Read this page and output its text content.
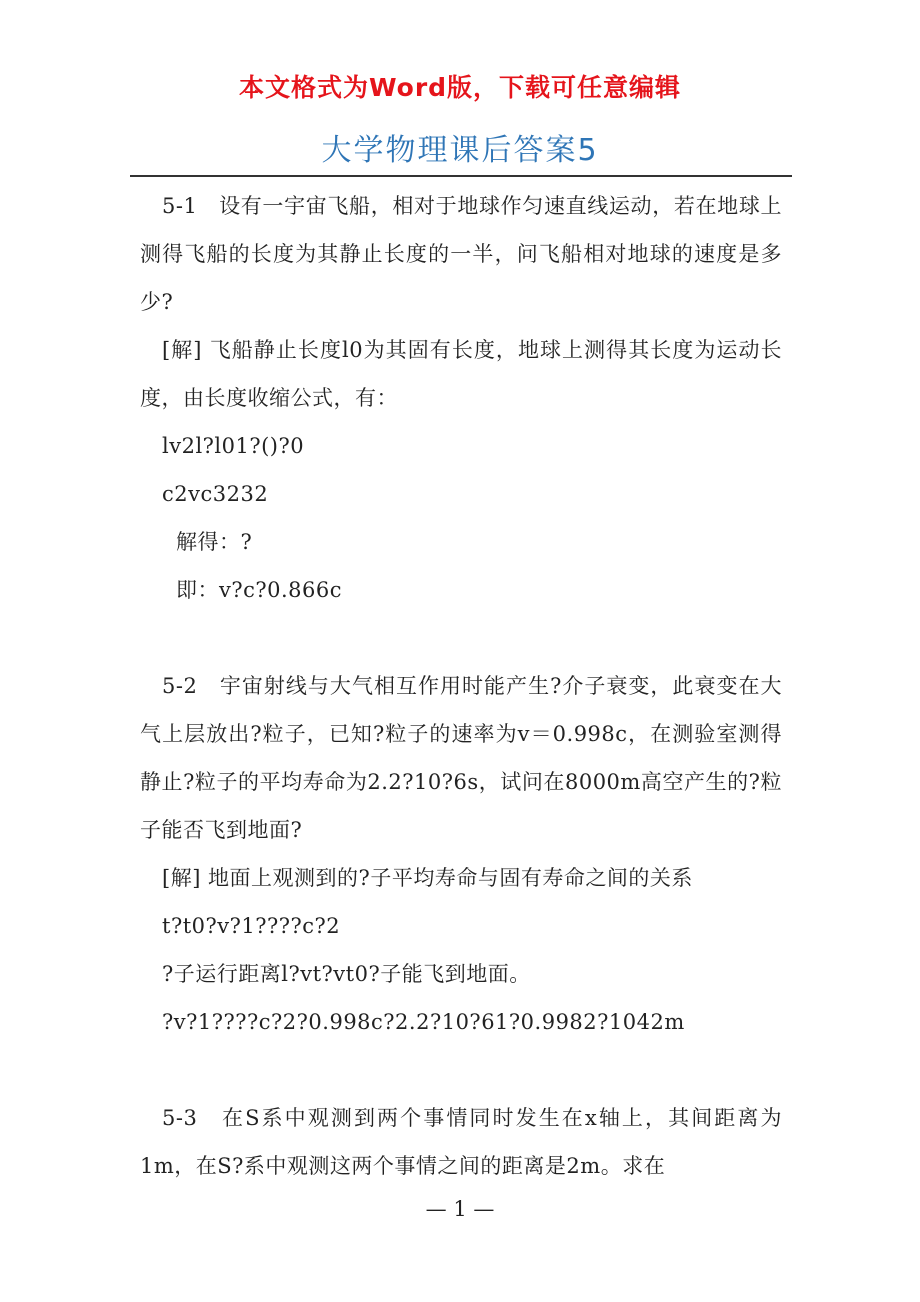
本文格式为Word版，下载可任意编辑
大学物理课后答案5

5-1　设有一宇宙飞船，相对于地球作匀速直线运动，若在地球上测得飞船的长度为其静止长度的一半，问飞船相对地球的速度是多少?

[解] 飞船静止长度l0为其固有长度，地球上测得其长度为运动长度，由长度收缩公式，有：

lv2l?l01?()?0

c2vc3232

解得：?

即：v?c?0.866c

5-2　宇宙射线与大气相互作用时能产生?介子衰变，此衰变在大气上层放出?粒子，已知?粒子的速率为v＝0.998c，在测验室测得静止?粒子的平均寿命为2.2?10?6s，试问在8000m高空产生的?粒子能否飞到地面?

[解] 地面上观测到的?子平均寿命与固有寿命之间的关系

t?t0?v?1????c?2

?子运行距离l?vt?vt0?子能飞到地面。

?v?1????c?2?0.998c?2.2?10?61?0.9982?1042m

5-3　在S系中观测到两个事情同时发生在x轴上，其间距离为1m，在S?系中观测这两个事情之间的距离是2m。求在

— 1 —
